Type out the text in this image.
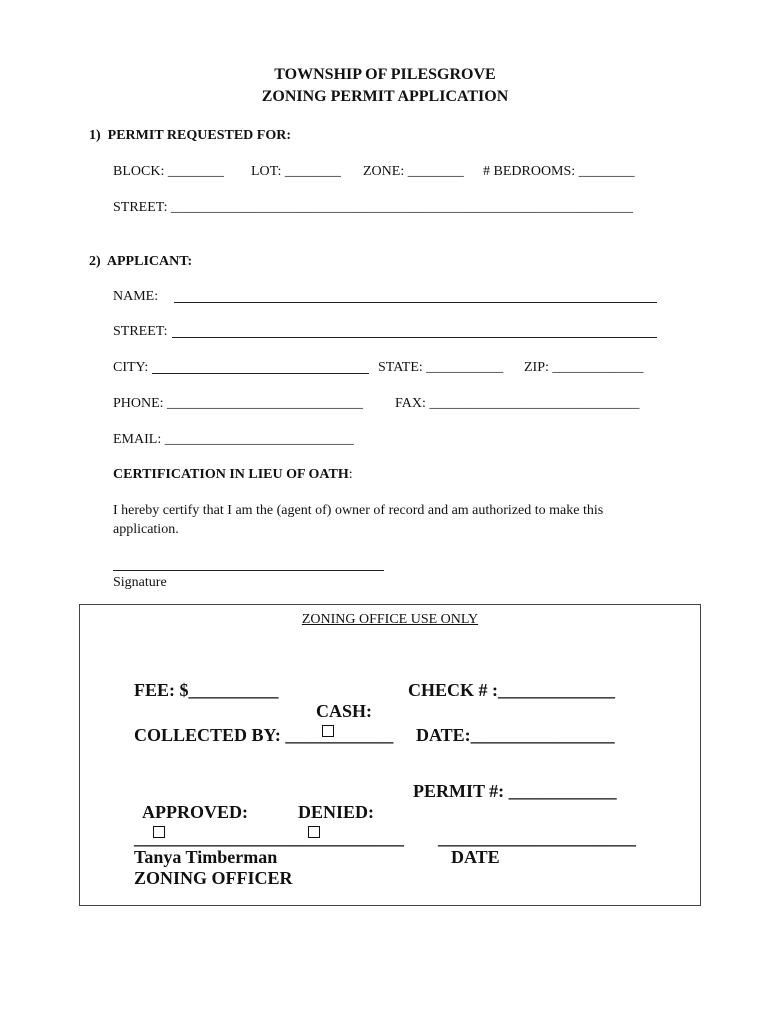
TOWNSHIP OF PILESGROVE
ZONING PERMIT APPLICATION
1)  PERMIT REQUESTED FOR:
BLOCK: ________ LOT: ________ ZONE: ________ # BEDROOMS: ________
STREET: __________________________________________________________________
2)  APPLICANT:
NAME:
STREET:
CITY:	STATE: ___________ ZIP: _____________
PHONE: ____________________________ FAX: ______________________________
EMAIL: ___________________________
CERTIFICATION IN LIEU OF OATH:
I hereby certify that I am the (agent of) owner of record and am authorized to make this
application.
Signature
ZONING OFFICE USE ONLY
FEE: $__________

CASH:

CHECK # :_____________
COLLECTED BY: ____________ DATE:________________

APPROVED:
	DENIED:

PERMIT #: ____________
______________________________ ______________________
Tanya Timberman	DATE
ZONING OFFICER
